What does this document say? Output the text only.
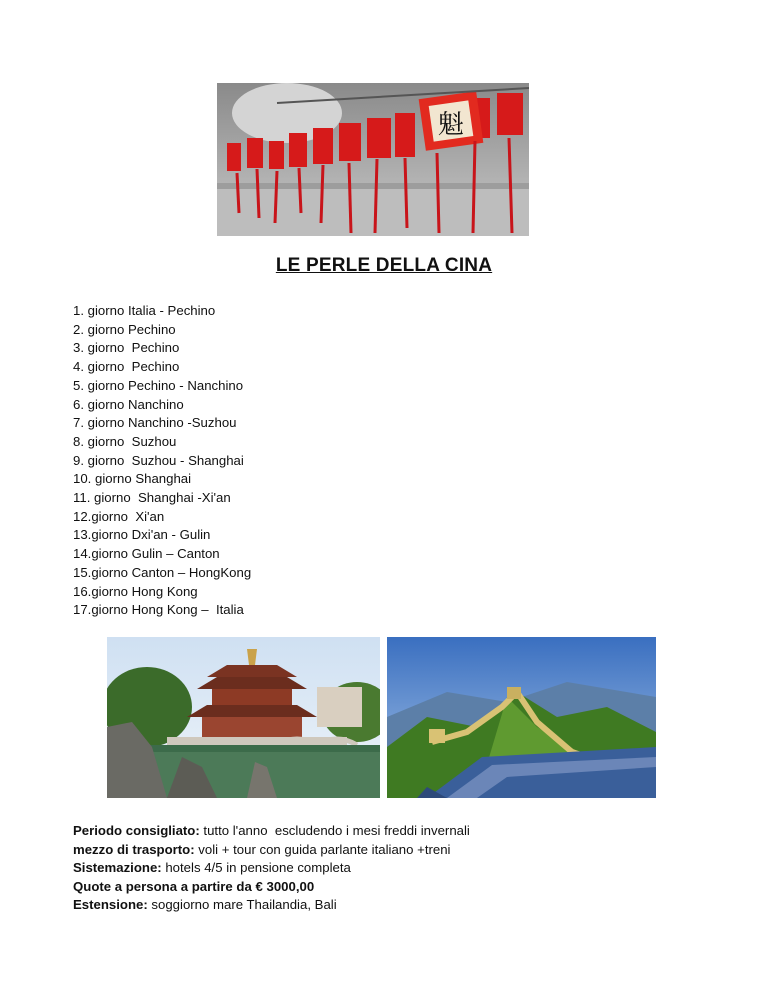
魁
LE PERLE DELLA CINA
1. giorno Italia - Pechino
2. giorno Pechino
3. giorno  Pechino
4. giorno  Pechino
5. giorno Pechino - Nanchino
6. giorno Nanchino
7. giorno Nanchino -Suzhou
8. giorno  Suzhou
9. giorno  Suzhou - Shanghai
10. giorno Shanghai
11. giorno  Shanghai -Xi'an
12.giorno  Xi'an
13.giorno Dxi'an - Gulin
14.giorno Gulin – Canton
15.giorno Canton – HongKong
16.giorno Hong Kong
17.giorno Hong Kong –  Italia
Periodo consigliato: tutto l'anno  escludendo i mesi freddi invernali
mezzo di trasporto: voli + tour con guida parlante italiano +treni
Sistemazione: hotels 4/5 in pensione completa
Quote a persona a partire da € 3000,00
Estensione: soggiorno mare Thailandia, Bali
